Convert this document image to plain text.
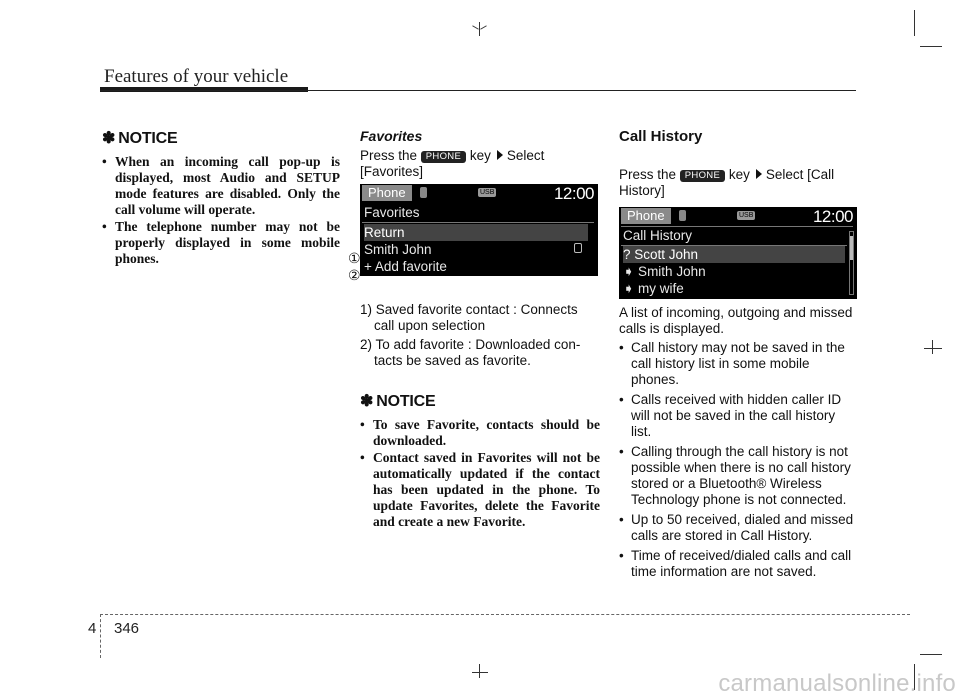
Features of your vehicle
✽ NOTICE
• When an incoming call pop-up is displayed, most Audio and SETUP mode features are disabled. Only the call volume will operate.
• The telephone number may not be properly displayed in some mobile phones.
Favorites
Press the PHONE key Select [Favorites]
Phone	USB	12:00
Favorites
Return
Smith John
+ Add favorite
1) Saved favorite contact : Connects call upon selection
2) To add favorite : Downloaded con- tacts be saved as favorite.
✽ NOTICE
• To save Favorite, contacts should be downloaded.
• Contact saved in Favorites will not be automatically updated if the contact has been updated in the phone. To update Favorites, delete the Favorite and create a new Favorite.
①
②
Call History
Press the PHONE key Select [Call History]
Phone	USB	12:00
Call History
? Scott John
➧ Smith John
➧ my wife
A list of incoming, outgoing and missed calls is displayed.
• Call history may not be saved in the call history list in some mobile phones.
• Calls received with hidden caller ID will not be saved in the call history list.
• Calling through the call history is not possible when there is no call history stored or a Bluetooth® Wireless Technology phone is not connected.
• Up to 50 received, dialed and missed calls are stored in Call History.
• Time of received/dialed calls and call time information are not saved.
4 346
carmanualsonline.info
